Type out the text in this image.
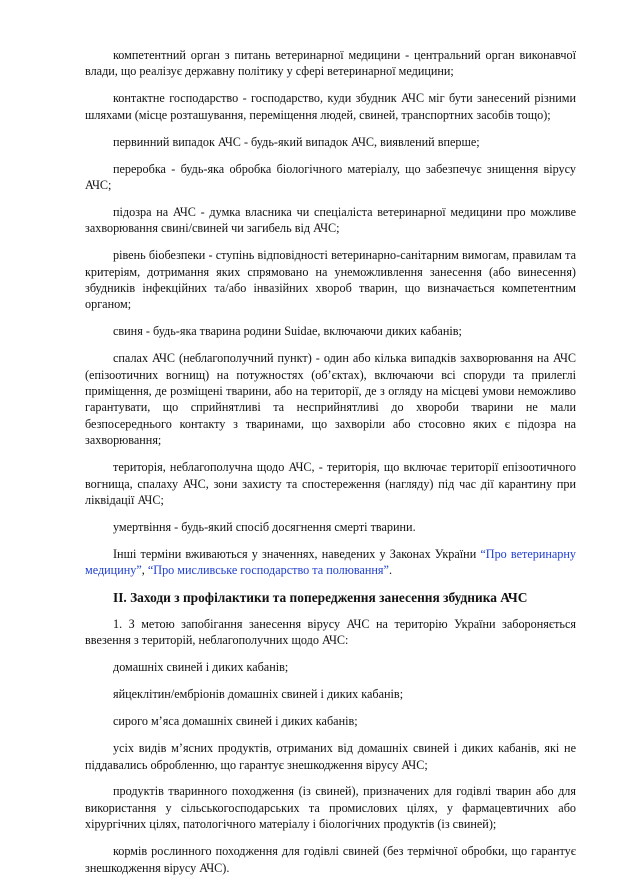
компетентний орган з питань ветеринарної медицини - центральний орган виконавчої влади, що реалізує державну політику у сфері ветеринарної медицини;

контактне господарство - господарство, куди збудник АЧС міг бути занесений різними шляхами (місце розташування, переміщення людей, свиней, транспортних засобів тощо);

первинний випадок АЧС - будь-який випадок АЧС, виявлений вперше;

переробка - будь-яка обробка біологічного матеріалу, що забезпечує знищення вірусу АЧС;

підозра на АЧС - думка власника чи спеціаліста ветеринарної медицини про можливе захворювання свині/свиней чи загибель від АЧС;

рівень біобезпеки - ступінь відповідності ветеринарно-санітарним вимогам, правилам та критеріям, дотримання яких спрямовано на унеможливлення занесення (або винесення) збудників інфекційних та/або інвазійних хвороб тварин, що визначається компетентним органом;

свиня - будь-яка тварина родини Suidae, включаючи диких кабанів;

спалах АЧС (неблагополучний пункт) - один або кілька випадків захворювання на АЧС (епізоотичних вогнищ) на потужностях (об’єктах), включаючи всі споруди та прилеглі приміщення, де розміщені тварини, або на території, де з огляду на місцеві умови неможливо гарантувати, що сприйнятливі та несприйнятливі до хвороби тварини не мали безпосереднього контакту з тваринами, що захворіли або стосовно яких є підозра на захворювання;

територія, неблагополучна щодо АЧС, - територія, що включає території епізоотичного вогнища, спалаху АЧС, зони захисту та спостереження (нагляду) під час дії карантину при ліквідації АЧС;

умертвіння - будь-який спосіб досягнення смерті тварини.

Інші терміни вживаються у значеннях, наведених у Законах України “Про ветеринарну медицину”, “Про мисливське господарство та полювання”.

ІІ. Заходи з профілактики та попередження занесення збудника АЧС

1. З метою запобігання занесення вірусу АЧС на територію України забороняється ввезення з територій, неблагополучних щодо АЧС:

домашніх свиней і диких кабанів;

яйцеклітин/ембріонів домашніх свиней і диких кабанів;

сирого м’яса домашніх свиней і диких кабанів;

усіх видів м’ясних продуктів, отриманих від домашніх свиней і диких кабанів, які не піддавались обробленню, що гарантує знешкодження вірусу АЧС;

продуктів тваринного походження (із свиней), призначених для годівлі тварин або для використання у сільськогосподарських та промислових цілях, у фармацевтичних або хірургічних цілях, патологічного матеріалу і біологічних продуктів (із свиней);

кормів рослинного походження для годівлі свиней (без термічної обробки, що гарантує знешкодження вірусу АЧС).
